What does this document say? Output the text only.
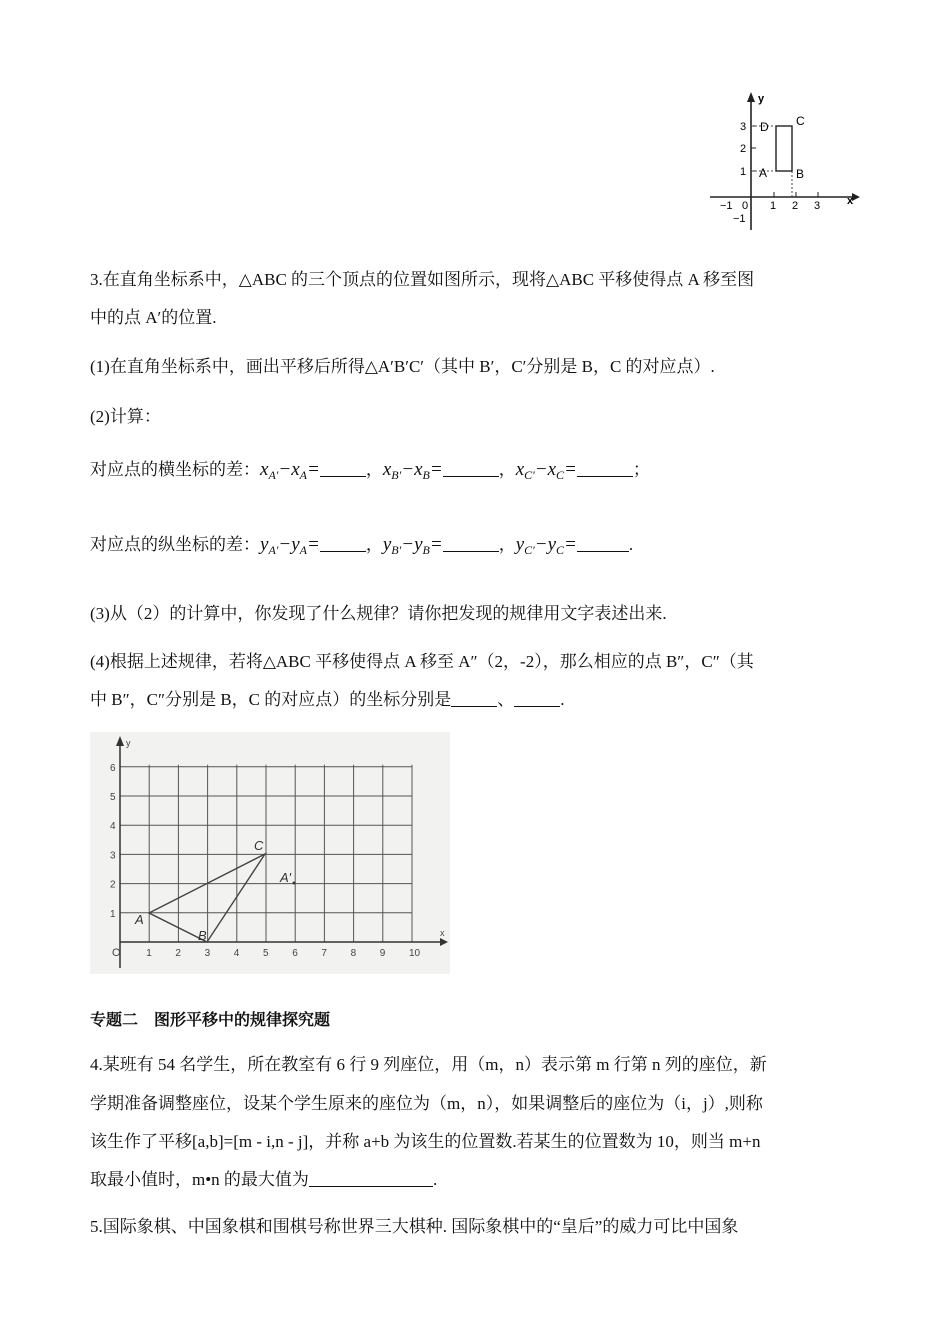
y
x
3
2
1
−1
−1 0 1 2 3
D C
A B
3.在直角坐标系中，△ABC 的三个顶点的位置如图所示，现将△ABC 平移使得点 A 移至图
中的点 A′的位置.
(1)在直角坐标系中，画出平移后所得△A′B′C′（其中 B′，C′分别是 B，C 的对应点）.
(2)计算：
对应点的横坐标的差：$x_{A'}-x_A=$	，$x_{B'}-x_B=$	，$x_{C'}-x_C=$	；
对应点的纵坐标的差：$y_{A'}-y_A=$	，$y_{B'}-y_B=$	，$y_{C'}-y_C=$	.
(3)从（2）的计算中，你发现了什么规律？请你把发现的规律用文字表述出来.
(4)根据上述规律，若将△ABC 平移使得点 A 移至 A″（2，-2），那么相应的点 B″，C″（其
中 B″，C″分别是 B，C 的对应点）的坐标分别是	、	.
y
x
O	1 2 3 4 5 6 7 8 9 10
1
2
3
4
5
6
A
B
C
A′
专题二　图形平移中的规律探究题
4.某班有 54 名学生，所在教室有 6 行 9 列座位，用（m，n）表示第 m 行第 n 列的座位，新
学期准备调整座位，设某个学生原来的座位为（m，n），如果调整后的座位为（i，j）,则称
该生作了平移[a,b]=[m - i,n - j]，并称 a+b 为该生的位置数.若某生的位置数为 10，则当 m+n
取最小值时，m•n 的最大值为	.
5.国际象棋、中国象棋和围棋号称世界三大棋种. 国际象棋中的“皇后”的威力可比中国象
